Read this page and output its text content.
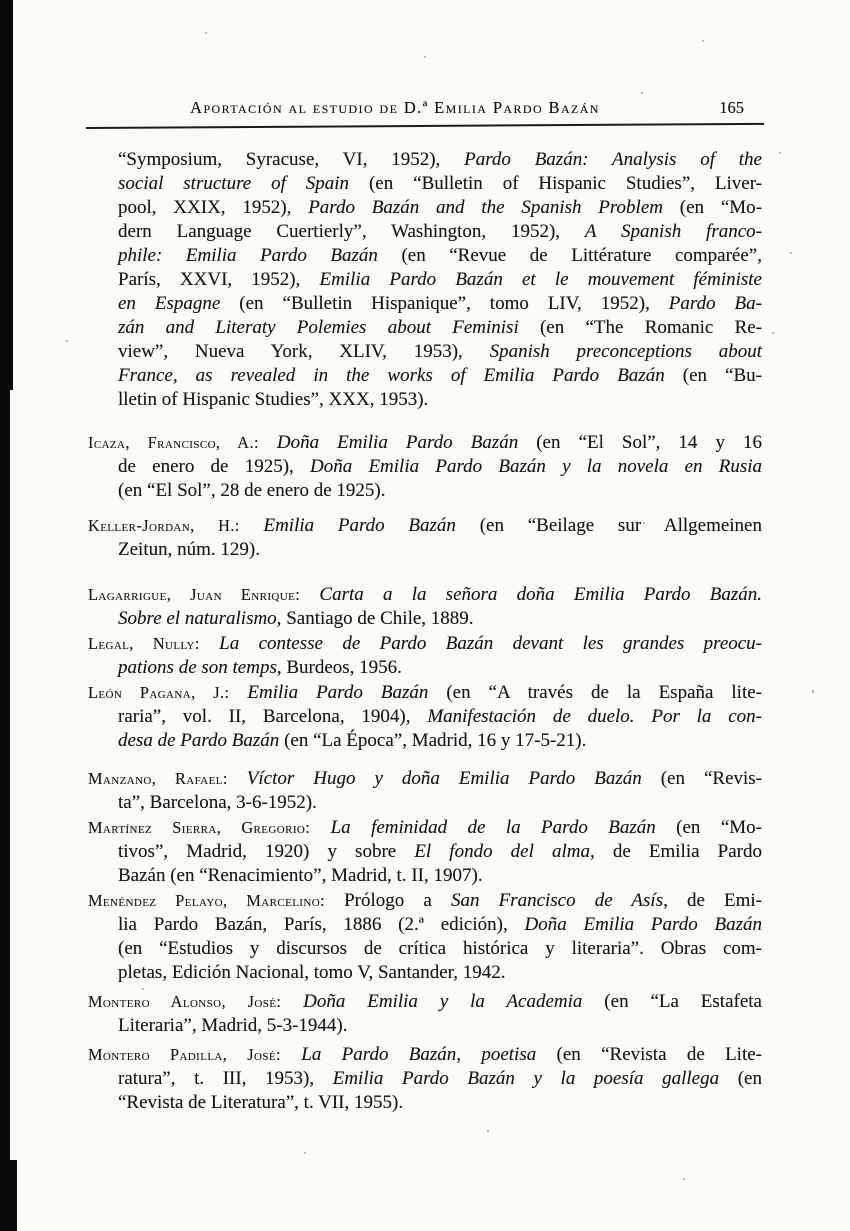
Aportación al estudio de D.ª Emilia Pardo Bazán	165
“Symposium, Syracuse, VI, 1952), Pardo Bazán: Analysis of the
social structure of Spain (en “Bulletin of Hispanic Studies”, Liver-
pool, XXIX, 1952), Pardo Bazán and the Spanish Problem (en “Mo-
dern Language Cuertierly”, Washington, 1952), A Spanish franco-
phile: Emilia Pardo Bazán (en “Revue de Littérature comparée”,
París, XXVI, 1952), Emilia Pardo Bazán et le mouvement féministe
en Espagne (en “Bulletin Hispanique”, tomo LIV, 1952), Pardo Ba-
zán and Literaty Polemies about Feminisi (en “The Romanic Re-
view”, Nueva York, XLIV, 1953), Spanish preconceptions about
France, as revealed in the works of Emilia Pardo Bazán (en “Bu-
lletin of Hispanic Studies”, XXX, 1953).
Icaza, Francisco, A.: Doña Emilia Pardo Bazán (en “El Sol”, 14 y 16
de enero de 1925), Doña Emilia Pardo Bazán y la novela en Rusia
(en “El Sol”, 28 de enero de 1925).
Keller-Jordan, H.: Emilia Pardo Bazán (en “Beilage sur Allgemeinen
Zeitun, núm. 129).
Lagarrigue, Juan Enrique: Carta a la señora doña Emilia Pardo Bazán.
Sobre el naturalismo, Santiago de Chile, 1889.
Legal, Nully: La contesse de Pardo Bazán devant les grandes preocu-
pations de son temps, Burdeos, 1956.
León Pagana, J.: Emilia Pardo Bazán (en “A través de la España lite-
raria”, vol. II, Barcelona, 1904), Manifestación de duelo. Por la con-
desa de Pardo Bazán (en “La Época”, Madrid, 16 y 17-5-21).
Manzano, Rafael: Víctor Hugo y doña Emilia Pardo Bazán (en “Revis-
ta”, Barcelona, 3-6-1952).
Martínez Sierra, Gregorio: La feminidad de la Pardo Bazán (en “Mo-
tivos”, Madrid, 1920) y sobre El fondo del alma, de Emilia Pardo
Bazán (en “Renacimiento”, Madrid, t. II, 1907).
Menéndez Pelayo, Marcelino: Prólogo a San Francisco de Asís, de Emi-
lia Pardo Bazán, París, 1886 (2.ª edición), Doña Emilia Pardo Bazán
(en “Estudios y discursos de crítica histórica y literaria”. Obras com-
pletas, Edición Nacional, tomo V, Santander, 1942.
Montero Alonso, José: Doña Emilia y la Academia (en “La Estafeta
Literaria”, Madrid, 5-3-1944).
Montero Padilla, José: La Pardo Bazán, poetisa (en “Revista de Lite-
ratura”, t. III, 1953), Emilia Pardo Bazán y la poesía gallega (en
“Revista de Literatura”, t. VII, 1955).
